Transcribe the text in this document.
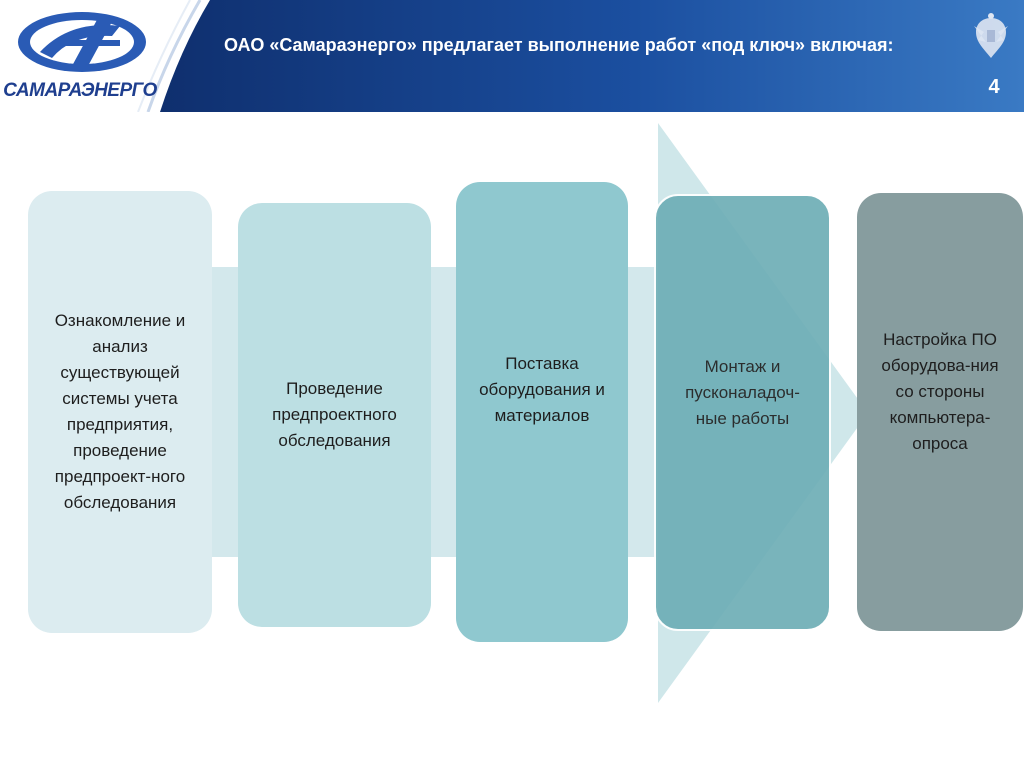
САМАРАЭНЕРГО
ОАО «Самараэнерго» предлагает выполнение работ «под ключ» включая:
4
Ознакомление и анализ существующей системы учета предприятия, проведение предпроект-ного обследования
Проведение предпроектного обследования
Поставка оборудования и материалов
Монтаж и пусконаладоч-ные работы
Настройка ПО оборудова-ния со стороны компьютера-опроса
